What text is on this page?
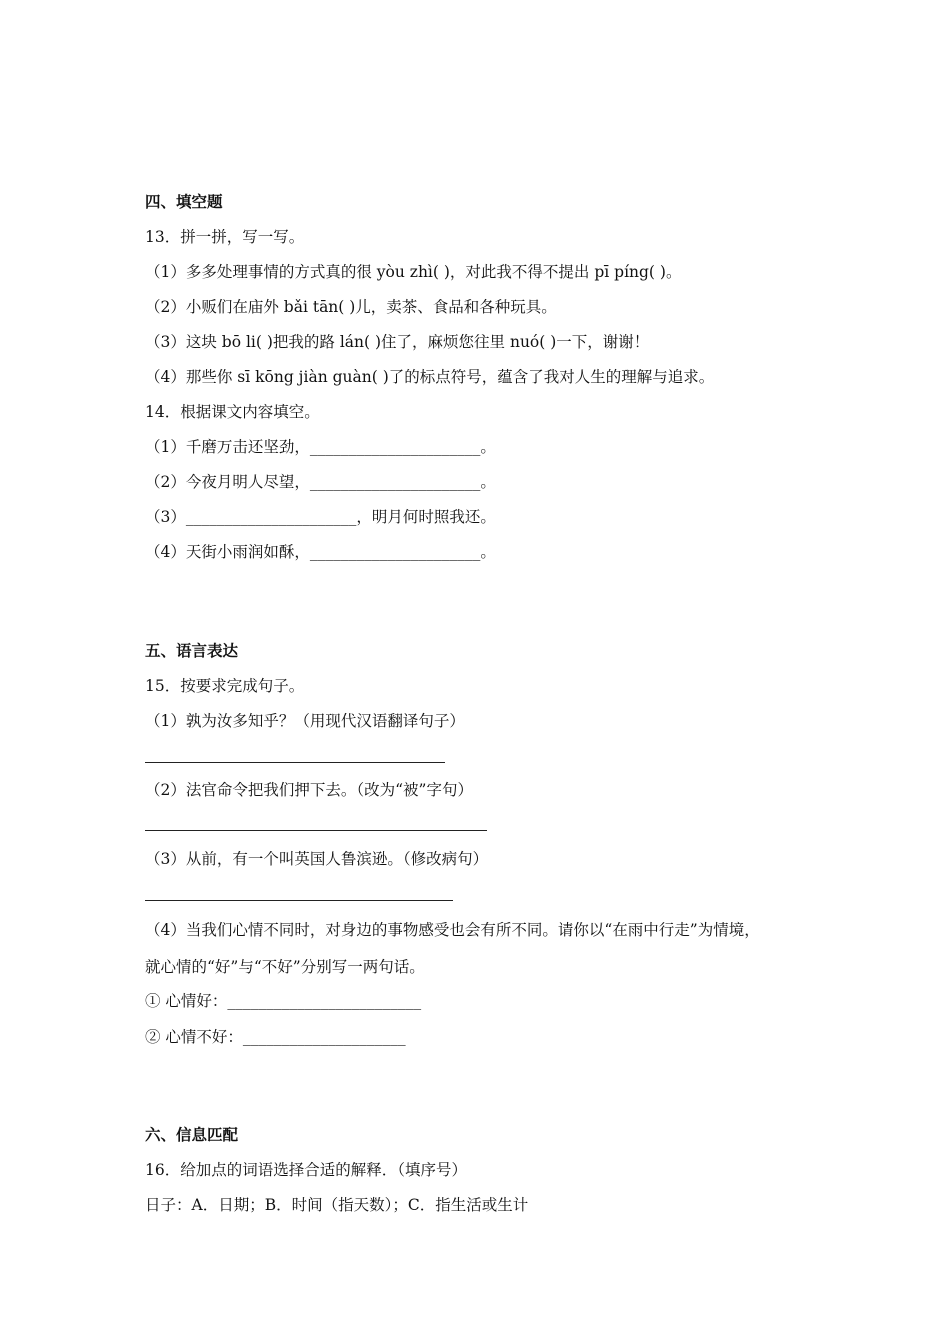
四、填空题
13．拼一拼，写一写。
（1）多多处理事情的方式真的很 yòu zhì( )，对此我不得不提出 pī píng( )。
（2）小贩们在庙外 bǎi tān( )儿，卖茶、食品和各种玩具。
（3）这块 bō li( )把我的路 lán( )住了，麻烦您往里 nuó( )一下，谢谢！
（4）那些你 sī kōng jiàn guàn( )了的标点符号，蕴含了我对人生的理解与追求。
14．根据课文内容填空。
（1）千磨万击还坚劲，______________________。
（2）今夜月明人尽望，______________________。
（3）______________________，明月何时照我还。
（4）天街小雨润如酥，______________________。
五、语言表达
15．按要求完成句子。
（1）孰为汝多知乎？（用现代汉语翻译句子）
（2）法官命令把我们押下去。（改为“被”字句）
（3）从前，有一个叫英国人鲁滨逊。（修改病句）
（4）当我们心情不同时，对身边的事物感受也会有所不同。请你以“在雨中行走”为情境，
就心情的“好”与“不好”分别写一两句话。
① 心情好：_________________________
② 心情不好：_____________________
六、信息匹配
16．给加点的词语选择合适的解释．（填序号）
日子：A．日期；B．时间（指天数）；C．指生活或生计
